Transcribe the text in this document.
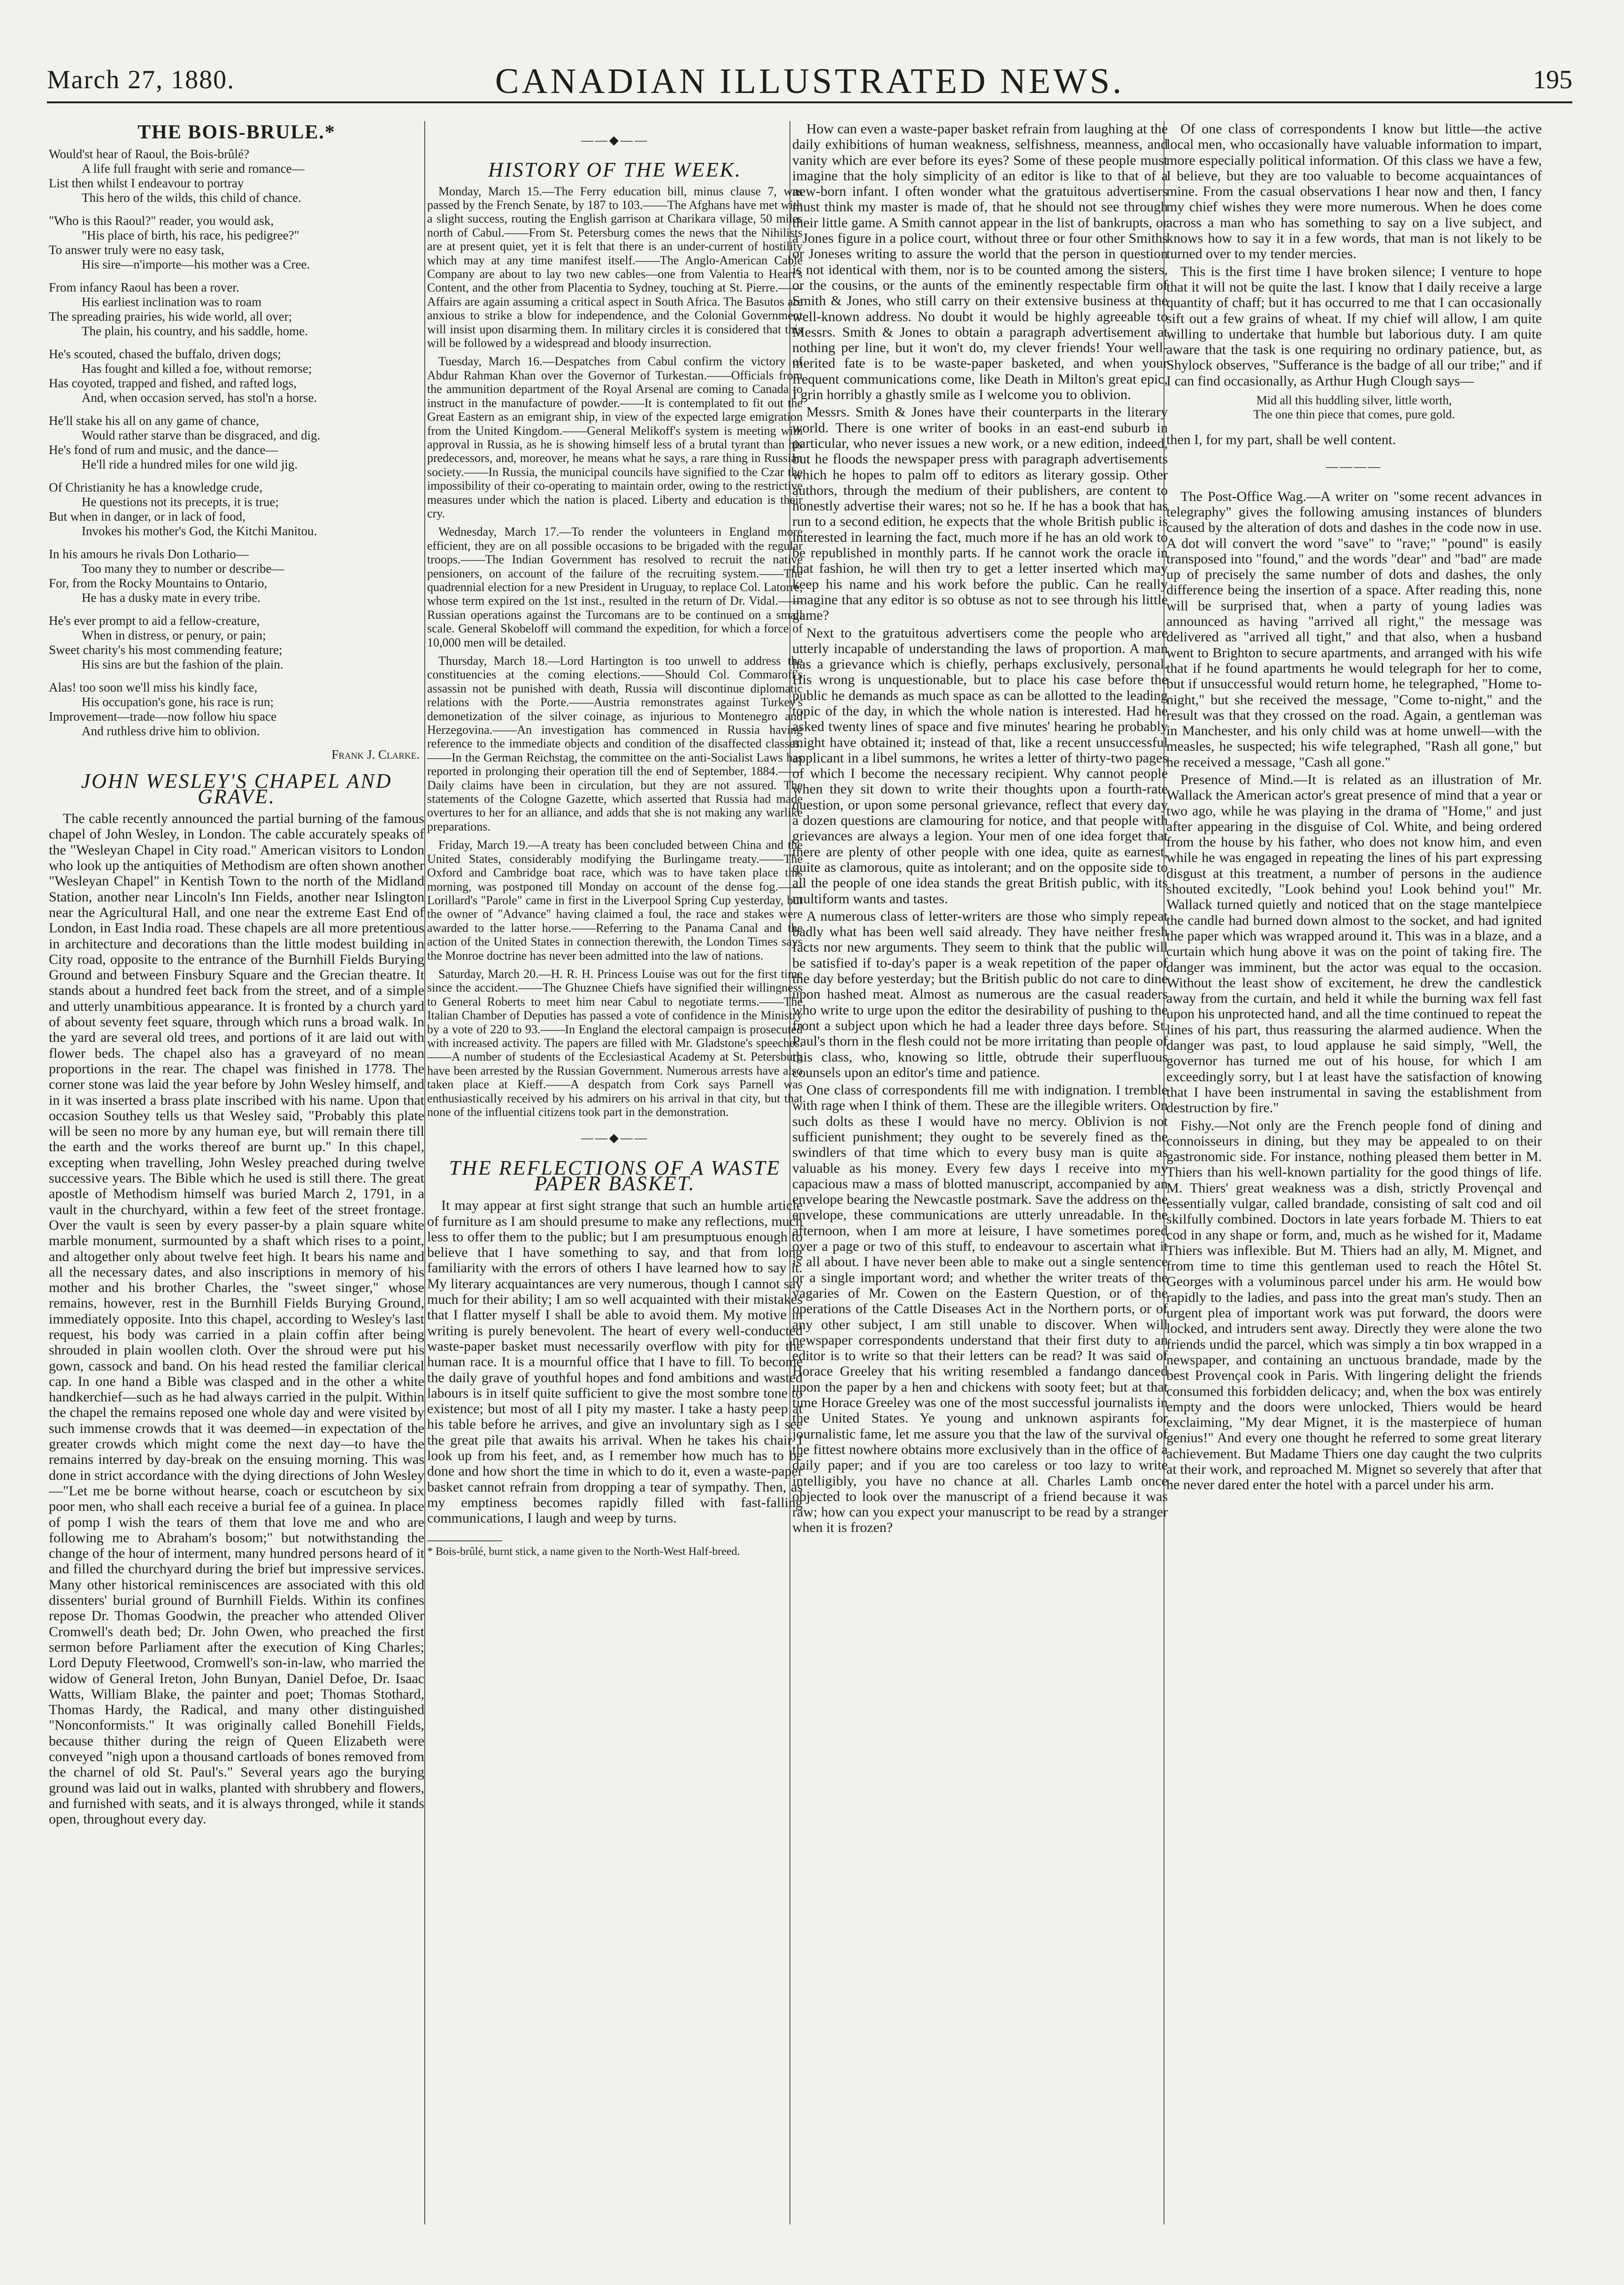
March 27, 1880.	CANADIAN ILLUSTRATED NEWS.	195
THE BOIS-BRULE.*
Would'st hear of Raoul, the Bois-brûlé?
A life full fraught with serie and romance—
List then whilst I endeavour to portray
This hero of the wilds, this child of chance.
"Who is this Raoul?" reader, you would ask,
"His place of birth, his race, his pedigree?"
To answer truly were no easy task,
His sire—n'importe—his mother was a Cree.
From infancy Raoul has been a rover.
His earliest inclination was to roam
The spreading prairies, his wide world, all over;
The plain, his country, and his saddle, home.
He's scouted, chased the buffalo, driven dogs;
Has fought and killed a foe, without remorse;
Has coyoted, trapped and fished, and rafted logs,
And, when occasion served, has stol'n a horse.
He'll stake his all on any game of chance,
Would rather starve than be disgraced, and dig.
He's fond of rum and music, and the dance—
He'll ride a hundred miles for one wild jig.
Of Christianity he has a knowledge crude,
He questions not its precepts, it is true;
But when in danger, or in lack of food,
Invokes his mother's God, the Kitchi Manitou.
In his amours he rivals Don Lothario—
Too many they to number or describe—
For, from the Rocky Mountains to Ontario,
He has a dusky mate in every tribe.
He's ever prompt to aid a fellow-creature,
When in distress, or penury, or pain;
Sweet charity's his most commending feature;
His sins are but the fashion of the plain.
Alas! too soon we'll miss his kindly face,
His occupation's gone, his race is run;
Improvement—trade—now follow hiu space
And ruthless drive him to oblivion.
Frank J. Clarke.
JOHN WESLEY'S CHAPEL AND GRAVE.

The cable recently announced the partial burning of the famous chapel of John Wesley, in London. The cable accurately speaks of the "Wesleyan Chapel in City road." American visitors to London who look up the antiquities of Methodism are often shown another "Wesleyan Chapel" in Kentish Town to the north of the Midland Station, another near Lincoln's Inn Fields, another near Islington near the Agricultural Hall, and one near the extreme East End of London, in East India road. These chapels are all more pretentious in architecture and decorations than the little modest building in City road, opposite to the entrance of the Burnhill Fields Burying Ground and between Finsbury Square and the Grecian theatre. It stands about a hundred feet back from the street, and of a simple and utterly unambitious appearance. It is fronted by a church yard of about seventy feet square, through which runs a broad walk. In the yard are several old trees, and portions of it are laid out with flower beds. The chapel also has a graveyard of no mean proportions in the rear. The chapel was finished in 1778. The corner stone was laid the year before by John Wesley himself, and in it was inserted a brass plate inscribed with his name. Upon that occasion Southey tells us that Wesley said, "Probably this plate will be seen no more by any human eye, but will remain there till the earth and the works thereof are burnt up." In this chapel, excepting when travelling, John Wesley preached during twelve successive years. The Bible which he used is still there. The great apostle of Methodism himself was buried March 2, 1791, in a vault in the churchyard, within a few feet of the street frontage. Over the vault is seen by every passer-by a plain square white marble monument, surmounted by a shaft which rises to a point, and altogether only about twelve feet high. It bears his name and all the necessary dates, and also inscriptions in memory of his mother and his brother Charles, the "sweet singer," whose remains, however, rest in the Burnhill Fields Burying Ground, immediately opposite. Into this chapel, according to Wesley's last request, his body was carried in a plain coffin after being shrouded in plain woollen cloth. Over the shroud were put his gown, cassock and band. On his head rested the familiar clerical cap. In one hand a Bible was clasped and in the other a white handkerchief—such as he had always carried in the pulpit. Within the chapel the remains reposed one whole day and were visited by such immense crowds that it was deemed—in expectation of the greater crowds which might come the next day—to have the remains interred by day-break on the ensuing morning. This was done in strict accordance with the dying directions of John Wesley—"Let me be borne without hearse, coach or escutcheon by six poor men, who shall each receive a burial fee of a guinea. In place of pomp I wish the tears of them that love me and who are following me to Abraham's bosom;" but notwithstanding the change of the hour of interment, many hundred persons heard of it and filled the churchyard during the brief but impressive services. Many other historical reminiscences are associated with this old dissenters' burial ground of Burnhill Fields. Within its confines repose Dr. Thomas Goodwin, the preacher who attended Oliver Cromwell's death bed; Dr. John Owen, who preached the first sermon before Parliament after the execution of King Charles; Lord Deputy Fleetwood, Cromwell's son-in-law, who married the widow of General Ireton, John Bunyan, Daniel Defoe, Dr. Isaac Watts, William Blake, the painter and poet; Thomas Stothard, Thomas Hardy, the Radical, and many other distinguished "Nonconformists." It was originally called Bonehill Fields, because thither during the reign of Queen Elizabeth were conveyed "nigh upon a thousand cartloads of bones removed from the charnel of old St. Paul's." Several years ago the burying ground was laid out in walks, planted with shrubbery and flowers, and furnished with seats, and it is always thronged, while it stands open, throughout every day.

——◆——
HISTORY OF THE WEEK.

Monday, March 15.—The Ferry education bill, minus clause 7, was passed by the French Senate, by 187 to 103.——The Afghans have met with a slight success, routing the English garrison at Charikara village, 50 miles north of Cabul.——From St. Petersburg comes the news that the Nihilists are at present quiet, yet it is felt that there is an under-current of hostility which may at any time manifest itself.——The Anglo-American Cable Company are about to lay two new cables—one from Valentia to Heart's Content, and the other from Placentia to Sydney, touching at St. Pierre.——Affairs are again assuming a critical aspect in South Africa. The Basutos are anxious to strike a blow for independence, and the Colonial Government will insist upon disarming them. In military circles it is considered that this will be followed by a widespread and bloody insurrection.

Tuesday, March 16.—Despatches from Cabul confirm the victory of Abdur Rahman Khan over the Governor of Turkestan.——Officials from the ammunition department of the Royal Arsenal are coming to Canada to instruct in the manufacture of powder.——It is contemplated to fit out the Great Eastern as an emigrant ship, in view of the expected large emigration from the United Kingdom.——General Melikoff's system is meeting with approval in Russia, as he is showing himself less of a brutal tyrant than his predecessors, and, moreover, he means what he says, a rare thing in Russian society.——In Russia, the municipal councils have signified to the Czar the impossibility of their co-operating to maintain order, owing to the restrictive measures under which the nation is placed. Liberty and education is their cry.

Wednesday, March 17.—To render the volunteers in England more efficient, they are on all possible occasions to be brigaded with the regular troops.——The Indian Government has resolved to recruit the native pensioners, on account of the failure of the recruiting system.——The quadrennial election for a new President in Uruguay, to replace Col. Latorre, whose term expired on the 1st inst., resulted in the return of Dr. Vidal.——Russian operations against the Turcomans are to be continued on a small scale. General Skobeloff will command the expedition, for which a force of 10,000 men will be detailed.

Thursday, March 18.—Lord Hartington is too unwell to address the constituencies at the coming elections.——Should Col. Commaroff's assassin not be punished with death, Russia will discontinue diplomatic relations with the Porte.——Austria remonstrates against Turkey's demonetization of the silver coinage, as injurious to Montenegro and Herzegovina.——An investigation has commenced in Russia having reference to the immediate objects and condition of the disaffected classes.——In the German Reichstag, the committee on the anti-Socialist Laws has reported in prolonging their operation till the end of September, 1884.——Daily claims have been in circulation, but they are not assured. The statements of the Cologne Gazette, which asserted that Russia had made overtures to her for an alliance, and adds that she is not making any warlike preparations.

Friday, March 19.—A treaty has been concluded between China and the United States, considerably modifying the Burlingame treaty.——The Oxford and Cambridge boat race, which was to have taken place this morning, was postponed till Monday on account of the dense fog.——Lorillard's "Parole" came in first in the Liverpool Spring Cup yesterday, but the owner of "Advance" having claimed a foul, the race and stakes were awarded to the latter horse.——Referring to the Panama Canal and the action of the United States in connection therewith, the London Times says the Monroe doctrine has never been admitted into the law of nations.

Saturday, March 20.—H. R. H. Princess Louise was out for the first time since the accident.——The Ghuznee Chiefs have signified their willingness to General Roberts to meet him near Cabul to negotiate terms.——The Italian Chamber of Deputies has passed a vote of confidence in the Ministry by a vote of 220 to 93.——In England the electoral campaign is prosecuted with increased activity. The papers are filled with Mr. Gladstone's speeches.——A number of students of the Ecclesiastical Academy at St. Petersburg have been arrested by the Russian Government. Numerous arrests have also taken place at Kieff.——A despatch from Cork says Parnell was enthusiastically received by his admirers on his arrival in that city, but that none of the influential citizens took part in the demonstration.

——◆——
THE REFLECTIONS OF A WASTE PAPER BASKET.

It may appear at first sight strange that such an humble article of furniture as I am should presume to make any reflections, much less to offer them to the public; but I am presumptuous enough to believe that I have something to say, and that from long familiarity with the errors of others I have learned how to say it. My literary acquaintances are very numerous, though I cannot say much for their ability; I am so well acquainted with their mistakes that I flatter myself I shall be able to avoid them. My motive in writing is purely benevolent. The heart of every well-conducted waste-paper basket must necessarily overflow with pity for the human race. It is a mournful office that I have to fill. To become the daily grave of youthful hopes and fond ambitions and wasted labours is in itself quite sufficient to give the most sombre tone to existence; but most of all I pity my master. I take a hasty peep at his table before he arrives, and give an involuntary sigh as I see the great pile that awaits his arrival. When he takes his chair I look up from his feet, and, as I remember how much has to be done and how short the time in which to do it, even a waste-paper basket cannot refrain from dropping a tear of sympathy. Then, as my emptiness becomes rapidly filled with fast-falling communications, I laugh and weep by turns.

* Bois-brûlé, burnt stick, a name given to the North-West Half-breed.

How can even a waste-paper basket refrain from laughing at the daily exhibitions of human weakness, selfishness, meanness, and vanity which are ever before its eyes? Some of these people must imagine that the holy simplicity of an editor is like to that of a new-born infant. I often wonder what the gratuitous advertisers must think my master is made of, that he should not see through their little game. A Smith cannot appear in the list of bankrupts, or a Jones figure in a police court, without three or four other Smiths or Joneses writing to assure the world that the person in question is not identical with them, nor is to be counted among the sisters, or the cousins, or the aunts of the eminently respectable firm of Smith & Jones, who still carry on their extensive business at the well-known address. No doubt it would be highly agreeable to Messrs. Smith & Jones to obtain a paragraph advertisement at nothing per line, but it won't do, my clever friends! Your well-merited fate is to be waste-paper basketed, and when your frequent communications come, like Death in Milton's great epic, I grin horribly a ghastly smile as I welcome you to oblivion.

Messrs. Smith & Jones have their counterparts in the literary world. There is one writer of books in an east-end suburb in particular, who never issues a new work, or a new edition, indeed, but he floods the newspaper press with paragraph advertisements which he hopes to palm off to editors as literary gossip. Other authors, through the medium of their publishers, are content to honestly advertise their wares; not so he. If he has a book that has run to a second edition, he expects that the whole British public is interested in learning the fact, much more if he has an old work to be republished in monthly parts. If he cannot work the oracle in that fashion, he will then try to get a letter inserted which may keep his name and his work before the public. Can he really imagine that any editor is so obtuse as not to see through his little game?

Next to the gratuitous advertisers come the people who are utterly incapable of understanding the laws of proportion. A man has a grievance which is chiefly, perhaps exclusively, personal. His wrong is unquestionable, but to place his case before the public he demands as much space as can be allotted to the leading topic of the day, in which the whole nation is interested. Had he asked twenty lines of space and five minutes' hearing he probably might have obtained it; instead of that, like a recent unsuccessful applicant in a libel summons, he writes a letter of thirty-two pages of which I become the necessary recipient. Why cannot people when they sit down to write their thoughts upon a fourth-rate question, or upon some personal grievance, reflect that every day a dozen questions are clamouring for notice, and that people with grievances are always a legion. Your men of one idea forget that there are plenty of other people with one idea, quite as earnest, quite as clamorous, quite as intolerant; and on the opposite side to all the people of one idea stands the great British public, with its multiform wants and tastes.

A numerous class of letter-writers are those who simply repeat badly what has been well said already. They have neither fresh facts nor new arguments. They seem to think that the public will be satisfied if to-day's paper is a weak repetition of the paper of the day before yesterday; but the British public do not care to dine upon hashed meat. Almost as numerous are the casual readers who write to urge upon the editor the desirability of pushing to the front a subject upon which he had a leader three days before. St. Paul's thorn in the flesh could not be more irritating than people of this class, who, knowing so little, obtrude their superfluous counsels upon an editor's time and patience.

One class of correspondents fill me with indignation. I tremble with rage when I think of them. These are the illegible writers. On such dolts as these I would have no mercy. Oblivion is not sufficient punishment; they ought to be severely fined as the swindlers of that time which to every busy man is quite as valuable as his money. Every few days I receive into my capacious maw a mass of blotted manuscript, accompanied by an envelope bearing the Newcastle postmark. Save the address on the envelope, these communications are utterly unreadable. In the afternoon, when I am more at leisure, I have sometimes pored over a page or two of this stuff, to endeavour to ascertain what it is all about. I have never been able to make out a single sentence or a single important word; and whether the writer treats of the vagaries of Mr. Cowen on the Eastern Question, or of the operations of the Cattle Diseases Act in the Northern ports, or of any other subject, I am still unable to discover. When will newspaper correspondents understand that their first duty to an editor is to write so that their letters can be read? It was said of Horace Greeley that his writing resembled a fandango danced upon the paper by a hen and chickens with sooty feet; but at that time Horace Greeley was one of the most successful journalists in the United States. Ye young and unknown aspirants for journalistic fame, let me assure you that the law of the survival of the fittest nowhere obtains more exclusively than in the office of a daily paper; and if you are too careless or too lazy to write intelligibly, you have no chance at all. Charles Lamb once objected to look over the manuscript of a friend because it was raw; how can you expect your manuscript to be read by a stranger when it is frozen?

Of one class of correspondents I know but little—the active local men, who occasionally have valuable information to impart, more especially political information. Of this class we have a few, I believe, but they are too valuable to become acquaintances of mine. From the casual observations I hear now and then, I fancy my chief wishes they were more numerous. When he does come across a man who has something to say on a live subject, and knows how to say it in a few words, that man is not likely to be turned over to my tender mercies.

This is the first time I have broken silence; I venture to hope that it will not be quite the last. I know that I daily receive a large quantity of chaff; but it has occurred to me that I can occasionally sift out a few grains of wheat. If my chief will allow, I am quite willing to undertake that humble but laborious duty. I am quite aware that the task is one requiring no ordinary patience, but, as Shylock observes, "Sufferance is the badge of all our tribe;" and if I can find occasionally, as Arthur Hugh Clough says—

Mid all this huddling silver, little worth,
The one thin piece that comes, pure gold.

then I, for my part, shall be well content.

————

The Post-Office Wag.—A writer on "some recent advances in telegraphy" gives the following amusing instances of blunders caused by the alteration of dots and dashes in the code now in use. A dot will convert the word "save" to "rave;" "pound" is easily transposed into "found," and the words "dear" and "bad" are made up of precisely the same number of dots and dashes, the only difference being the insertion of a space. After reading this, none will be surprised that, when a party of young ladies was announced as having "arrived all right," the message was delivered as "arrived all tight," and that also, when a husband went to Brighton to secure apartments, and arranged with his wife that if he found apartments he would telegraph for her to come, but if unsuccessful would return home, he telegraphed, "Home to-night," but she received the message, "Come to-night," and the result was that they crossed on the road. Again, a gentleman was in Manchester, and his only child was at home unwell—with the measles, he suspected; his wife telegraphed, "Rash all gone," but he received a message, "Cash all gone."

Presence of Mind.—It is related as an illustration of Mr. Wallack the American actor's great presence of mind that a year or two ago, while he was playing in the drama of "Home," and just after appearing in the disguise of Col. White, and being ordered from the house by his father, who does not know him, and even while he was engaged in repeating the lines of his part expressing disgust at this treatment, a number of persons in the audience shouted excitedly, "Look behind you! Look behind you!" Mr. Wallack turned quietly and noticed that on the stage mantelpiece the candle had burned down almost to the socket, and had ignited the paper which was wrapped around it. This was in a blaze, and a curtain which hung above it was on the point of taking fire. The danger was imminent, but the actor was equal to the occasion. Without the least show of excitement, he drew the candlestick away from the curtain, and held it while the burning wax fell fast upon his unprotected hand, and all the time continued to repeat the lines of his part, thus reassuring the alarmed audience. When the danger was past, to loud applause he said simply, "Well, the governor has turned me out of his house, for which I am exceedingly sorry, but I at least have the satisfaction of knowing that I have been instrumental in saving the establishment from destruction by fire."

Fishy.—Not only are the French people fond of dining and connoisseurs in dining, but they may be appealed to on their gastronomic side. For instance, nothing pleased them better in M. Thiers than his well-known partiality for the good things of life. M. Thiers' great weakness was a dish, strictly Provençal and essentially vulgar, called brandade, consisting of salt cod and oil skilfully combined. Doctors in late years forbade M. Thiers to eat cod in any shape or form, and, much as he wished for it, Madame Thiers was inflexible. But M. Thiers had an ally, M. Mignet, and from time to time this gentleman used to reach the Hôtel St. Georges with a voluminous parcel under his arm. He would bow rapidly to the ladies, and pass into the great man's study. Then an urgent plea of important work was put forward, the doors were locked, and intruders sent away. Directly they were alone the two friends undid the parcel, which was simply a tin box wrapped in a newspaper, and containing an unctuous brandade, made by the best Provençal cook in Paris. With lingering delight the friends consumed this forbidden delicacy; and, when the box was entirely empty and the doors were unlocked, Thiers would be heard exclaiming, "My dear Mignet, it is the masterpiece of human genius!" And every one thought he referred to some great literary achievement. But Madame Thiers one day caught the two culprits at their work, and reproached M. Mignet so severely that after that he never dared enter the hotel with a parcel under his arm.
